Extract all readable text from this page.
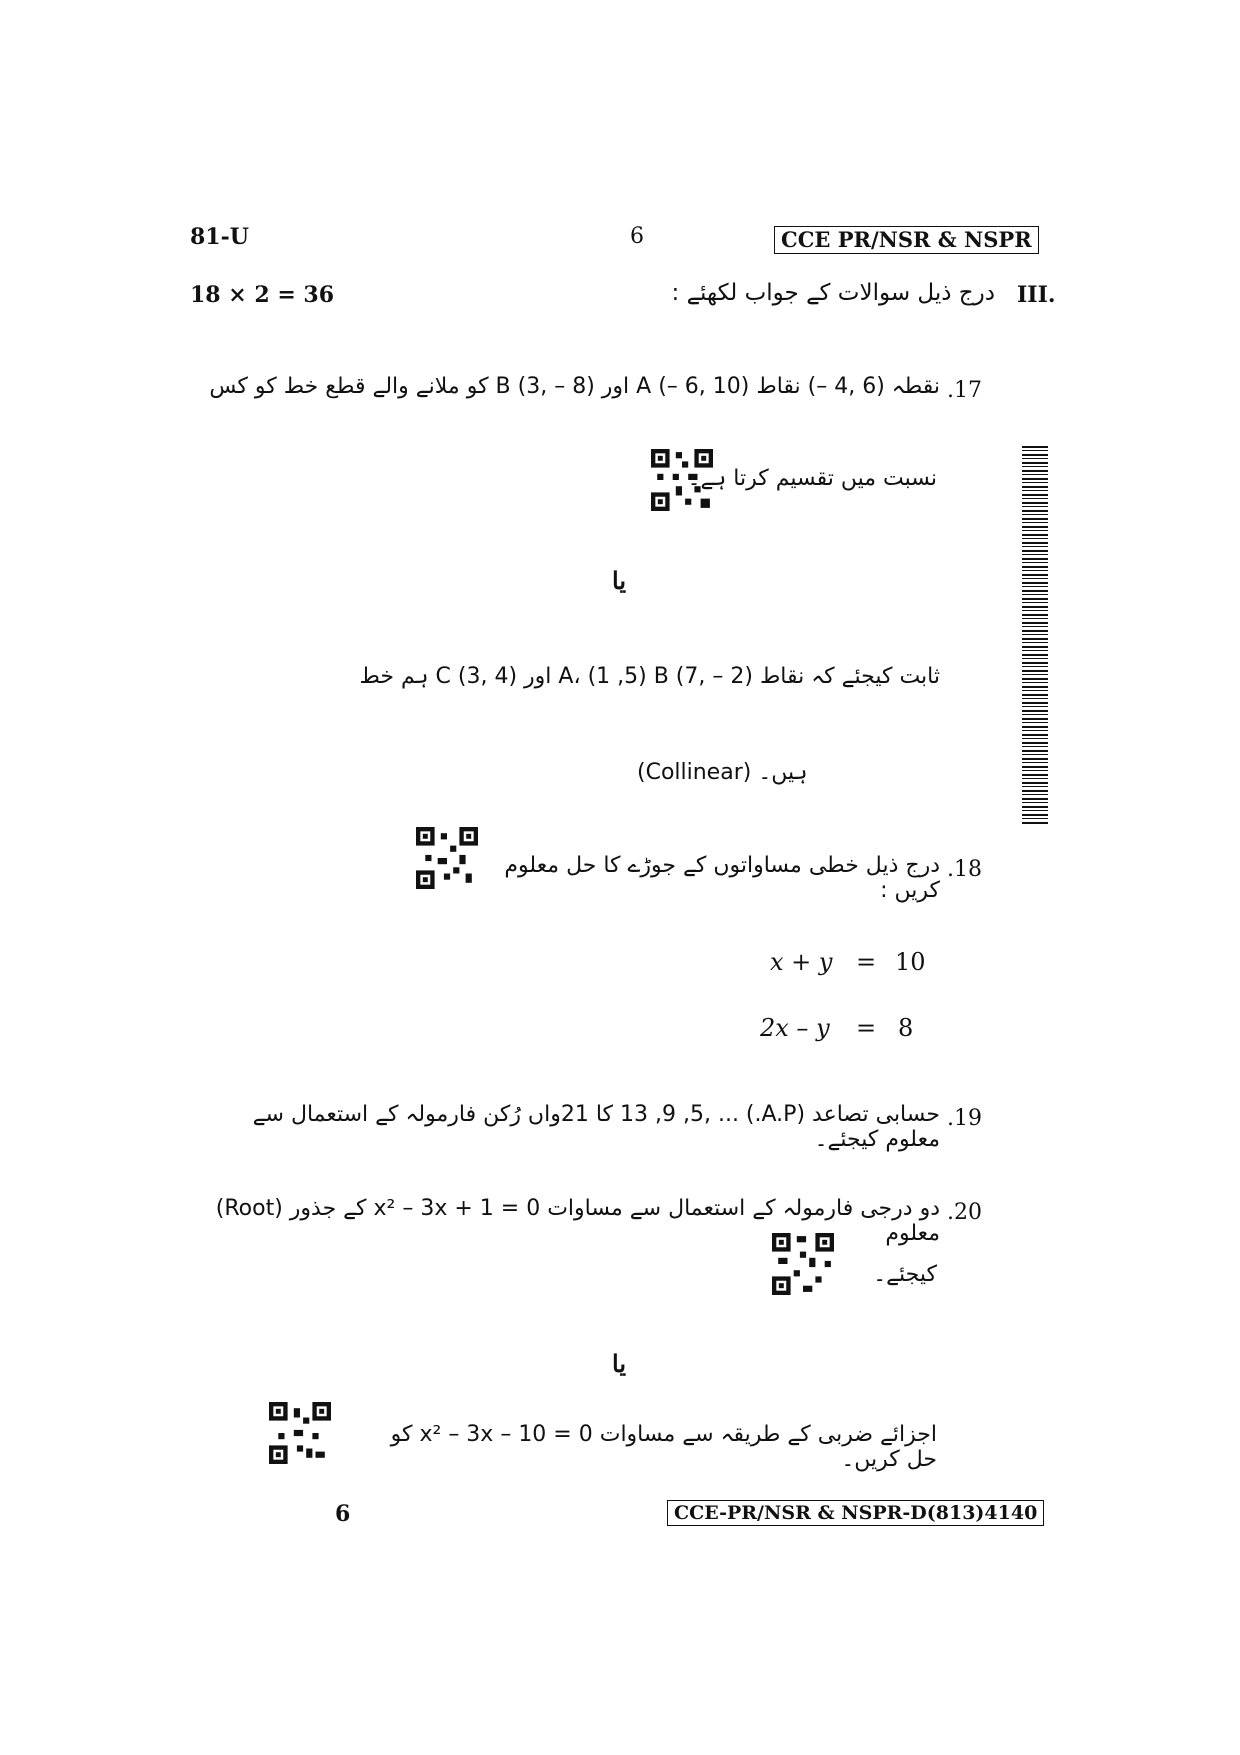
81-U	6	CCE PR/NSR & NSPR
18 × 2 = 36	III.
درج ذیل سوالات کے جواب لکھئے :
.17
نقطہ (6 ,4 –) نقاط (10 ,6 –) A اور (8 – ,3) B کو ملانے والے قطع خط کو کس
نسبت میں تقسیم کرتا ہے۔
یا
ثابت کیجئے کہ نقاط (2 – ,7) A، (1 ,5) B اور (4 ,3) C ہم خط
(Collinear) ہیں۔
.18
درج ذیل خطی مساواتوں کے جوڑے کا حل معلوم کریں :
x + y = 10
2x – y = 8
.19
حسابی تصاعد (A.P.) ... ,13 ,9 ,5 کا 21واں رُکن فارمولہ کے استعمال سے معلوم کیجئے۔
.20
دو درجی فارمولہ کے استعمال سے مساوات x² – 3x + 1 = 0 کے جذور (Root) معلوم
کیجئے۔
یا
اجزائے ضربی کے طریقہ سے مساوات x² – 3x – 10 = 0 کو حل کریں۔
6	CCE-PR/NSR & NSPR-D(813)4140
